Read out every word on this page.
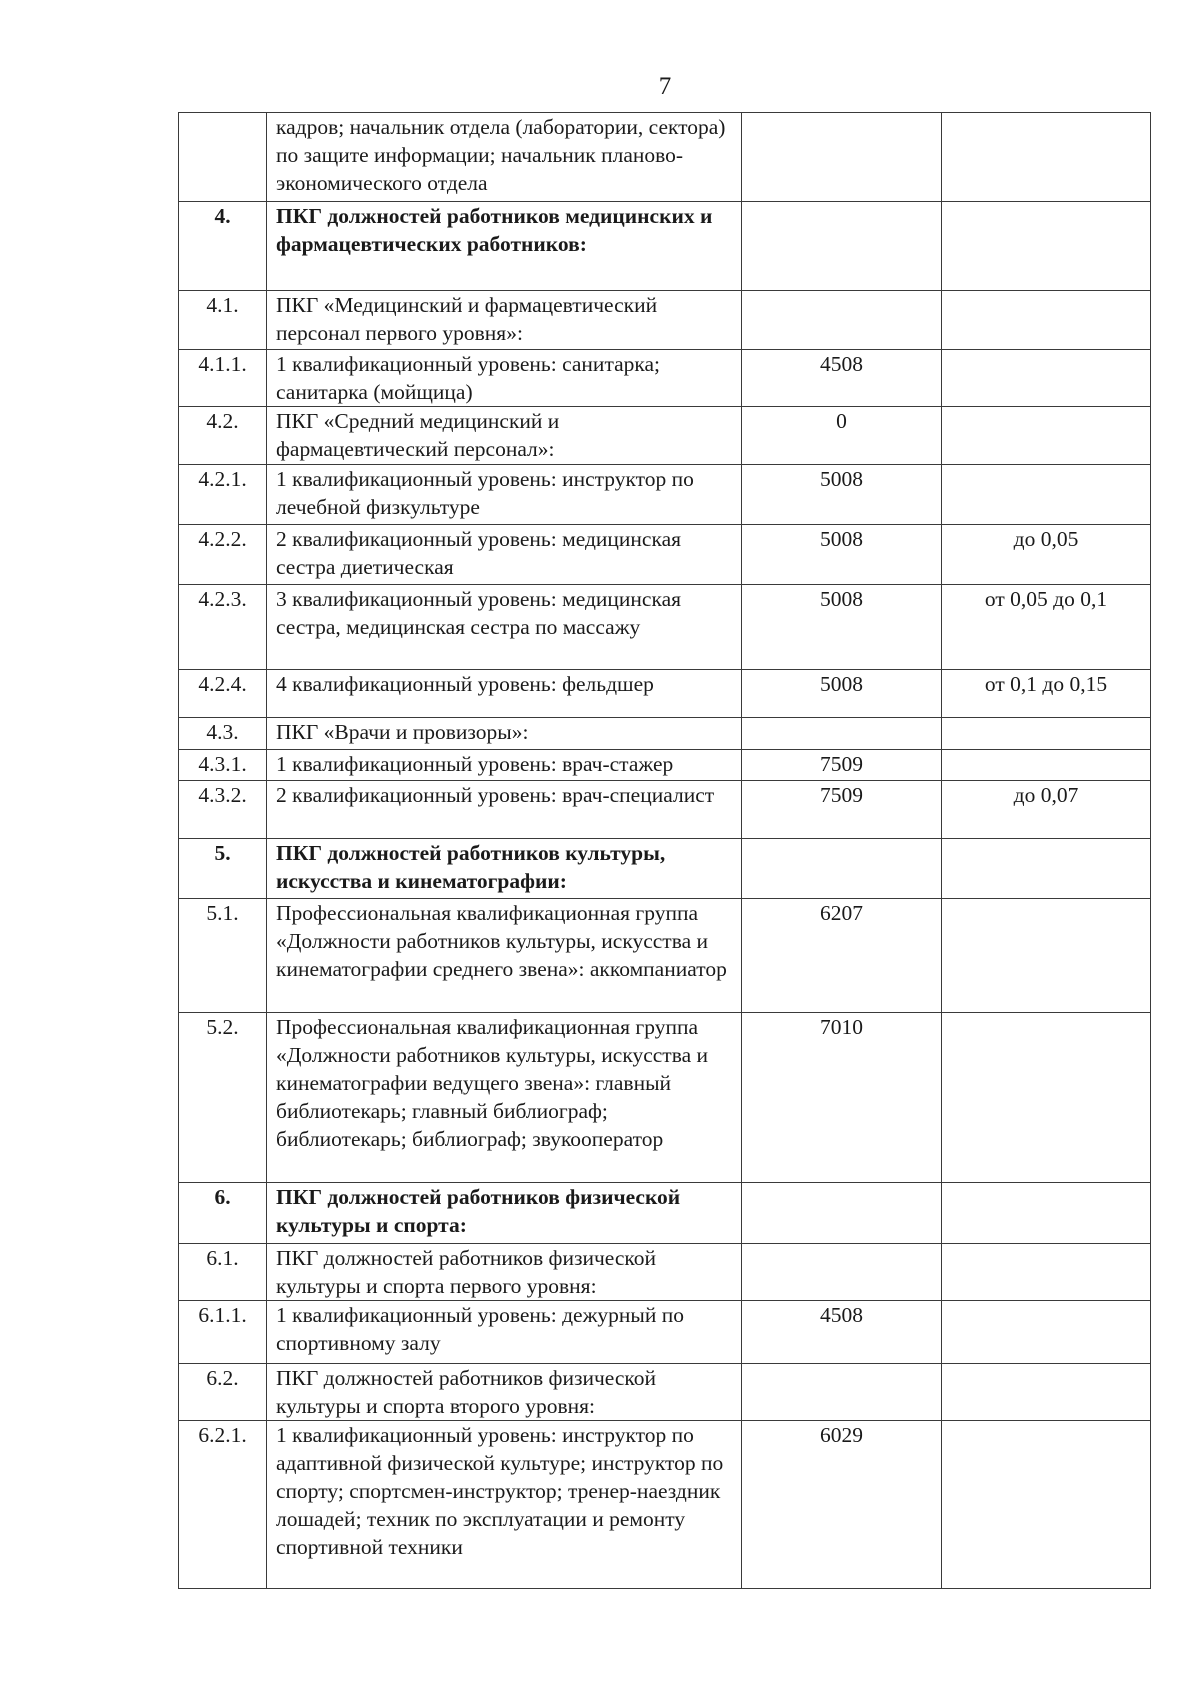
7
	кадров; начальник отдела (лаборатории, сектора) по защите информации; начальник планово-экономического отдела		
4.	ПКГ должностей работников медицинских и фармацевтических работников:		
4.1.	ПКГ «Медицинский и фармацевтический персонал первого уровня»:		
4.1.1.	1 квалификационный уровень: санитарка; санитарка (мойщица)	4508	
4.2.	ПКГ «Средний медицинский и фармацевтический персонал»:	0	
4.2.1.	1 квалификационный уровень: инструктор по лечебной физкультуре	5008	
4.2.2.	2 квалификационный уровень: медицинская сестра диетическая	5008	до 0,05
4.2.3.	3 квалификационный уровень: медицинская сестра, медицинская сестра по массажу	5008	от 0,05 до 0,1
4.2.4.	4 квалификационный уровень: фельдшер	5008	от 0,1 до 0,15
4.3.	ПКГ «Врачи и провизоры»:		
4.3.1.	1 квалификационный уровень: врач-стажер	7509	
4.3.2.	2 квалификационный уровень: врач-специалист	7509	до 0,07
5.	ПКГ должностей работников культуры, искусства и кинематографии:		
5.1.	Профессиональная квалификационная группа «Должности работников культуры, искусства и кинематографии среднего звена»: аккомпаниатор	6207	
5.2.	Профессиональная квалификационная группа «Должности работников культуры, искусства и кинематографии ведущего звена»: главный библиотекарь; главный библиограф; библиотекарь; библиограф; звукооператор	7010	
6.	ПКГ должностей работников физической культуры и спорта:		
6.1.	ПКГ должностей работников физической культуры и спорта первого уровня:		
6.1.1.	1 квалификационный уровень: дежурный по спортивному залу	4508	
6.2.	ПКГ должностей работников физической культуры и спорта второго уровня:		
6.2.1.	1 квалификационный уровень: инструктор по адаптивной физической культуре; инструктор по спорту; спортсмен-инструктор; тренер-наездник лошадей; техник по эксплуатации и ремонту спортивной техники	6029	
